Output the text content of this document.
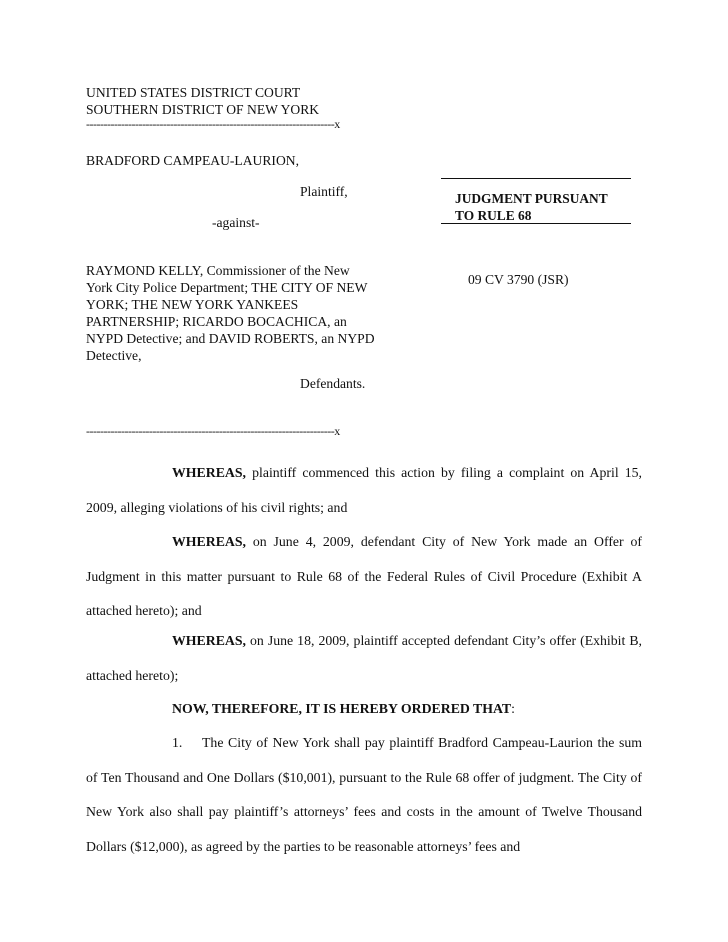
UNITED STATES DISTRICT COURT
SOUTHERN DISTRICT OF NEW YORK
-----------------------------------------------------------------------x
BRADFORD CAMPEAU-LAURION,
Plaintiff,
-against-
RAYMOND KELLY, Commissioner of the New
York City Police Department; THE CITY OF NEW
YORK; THE NEW YORK YANKEES
PARTNERSHIP; RICARDO BOCACHICA, an
NYPD Detective; and DAVID ROBERTS, an NYPD
Detective,
Defendants.
-----------------------------------------------------------------------x
JUDGMENT PURSUANT
TO RULE 68
09 CV 3790 (JSR)
WHEREAS, plaintiff commenced this action by filing a complaint on April 15, 2009, alleging violations of his civil rights; and
WHEREAS, on June 4, 2009, defendant City of New York made an Offer of Judgment in this matter pursuant to Rule 68 of the Federal Rules of Civil Procedure (Exhibit A attached hereto); and
WHEREAS, on June 18, 2009, plaintiff accepted defendant City’s offer (Exhibit B, attached hereto);
NOW, THEREFORE, IT IS HEREBY ORDERED THAT:
1. The City of New York shall pay plaintiff Bradford Campeau-Laurion the sum of Ten Thousand and One Dollars ($10,001), pursuant to the Rule 68 offer of judgment. The City of New York also shall pay plaintiff’s attorneys’ fees and costs in the amount of Twelve Thousand Dollars ($12,000), as agreed by the parties to be reasonable attorneys’ fees and
